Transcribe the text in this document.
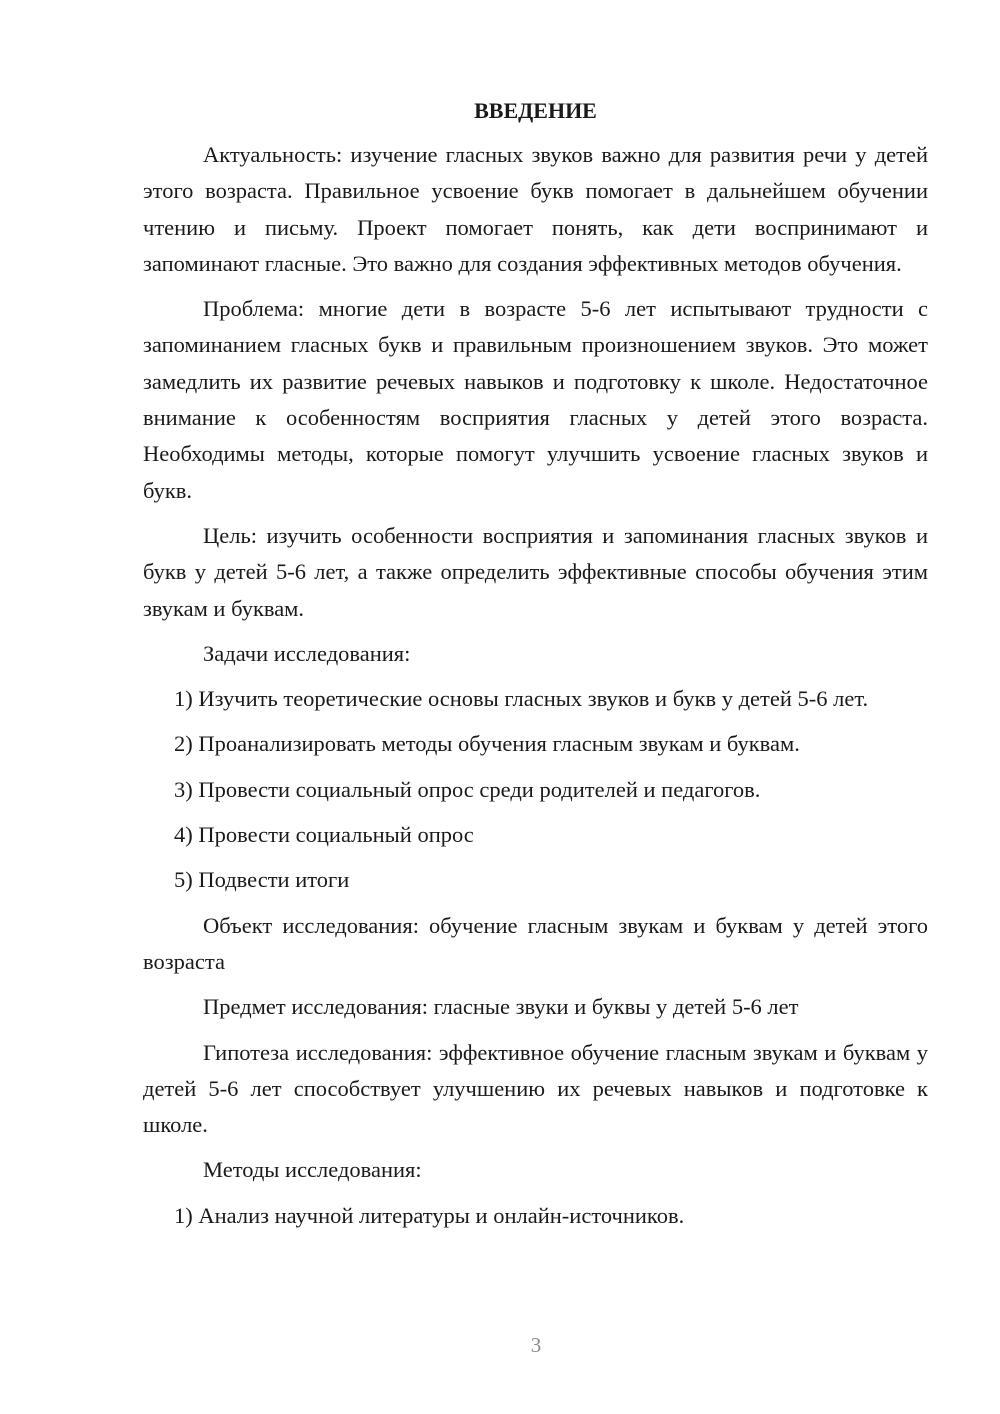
ВВЕДЕНИЕ

Актуальность: изучение гласных звуков важно для развития речи у детей этого возраста. Правильное усвоение букв помогает в дальнейшем обучении чтению и письму. Проект помогает понять, как дети воспринимают и запоминают гласные. Это важно для создания эффективных методов обучения.

Проблема: многие дети в возрасте 5-6 лет испытывают трудности с запоминанием гласных букв и правильным произношением звуков. Это может замедлить их развитие речевых навыков и подготовку к школе. Недостаточное внимание к особенностям восприятия гласных у детей этого возраста. Необходимы методы, которые помогут улучшить усвоение гласных звуков и букв.

Цель: изучить особенности восприятия и запоминания гласных звуков и букв у детей 5-6 лет, а также определить эффективные способы обучения этим звукам и буквам.

Задачи исследования:

1) Изучить теоретические основы гласных звуков и букв у детей 5-6 лет.

2) Проанализировать методы обучения гласным звукам и буквам.

3) Провести социальный опрос среди родителей и педагогов.

4) Провести социальный опрос

5) Подвести итоги

Объект исследования: обучение гласным звукам и буквам у детей этого возраста

Предмет исследования: гласные звуки и буквы у детей 5-6 лет

Гипотеза исследования: эффективное обучение гласным звукам и буквам у детей 5-6 лет способствует улучшению их речевых навыков и подготовке к школе.

Методы исследования:

1) Анализ научной литературы и онлайн-источников.

3
